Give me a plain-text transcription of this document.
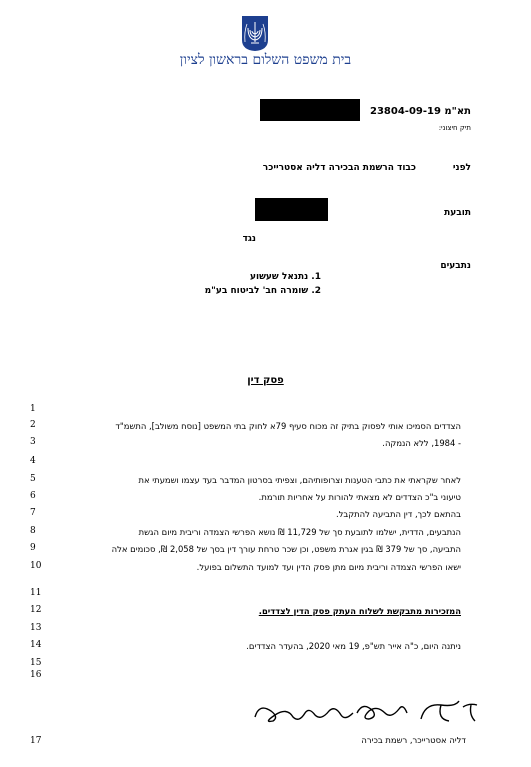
בית משפט השלום בראשון לציון
תא"מ 23804-09-19
תיק חיצוני:
לפני
כבוד הרשמת הבכירה דליה אסטרייכר
תובעת
נגד
נתבעים
1. נתנאל שעשוע
2. שומרה חב' לביטוח בע"מ
פסק דין
1
2
3
4
5
6
7
8
9
10
11
12
13
14
15
16
17
הצדדים הסמיכו אותי לפסוק בתיק זה מכוח סעיף 79א לחוק בתי המשפט [נוסח משולב], התשמ"ד
- 1984, ללא הנמקה.
לאחר שקראתי את כתבי הטענות וצרופותיהם, וצפיתי בסרטון המדבר בעד עצמו ושמעתי את
טיעוני ב"כ הצדדים לא מצאתי להורות על אחריות תורמת.
בהתאם לכך, דין התביעה להתקבל.
הנתבעים, הדדית, ישלמו לתובעת סך של 11,729 ₪ נושא הפרשי הצמדה וריבית מיום הגשת
התביעה, סך של 379 ₪ בגין אגרת משפט, וכן שכר טרחת עורך דין בסך של 2,058 ₪, סכומים אלה
ישאו הפרשי הצמדה וריבית מיום מתן פסק הדין ועד למועד התשלום בפועל.
המזכירות מתבקשת לשלוח העתק פסק הדין לצדדים.
ניתנה היום, כ"ה אייר תש"פ, 19 מאי 2020, בהעדר הצדדים.
דליה אסטרייכר, רשמת בכירה
